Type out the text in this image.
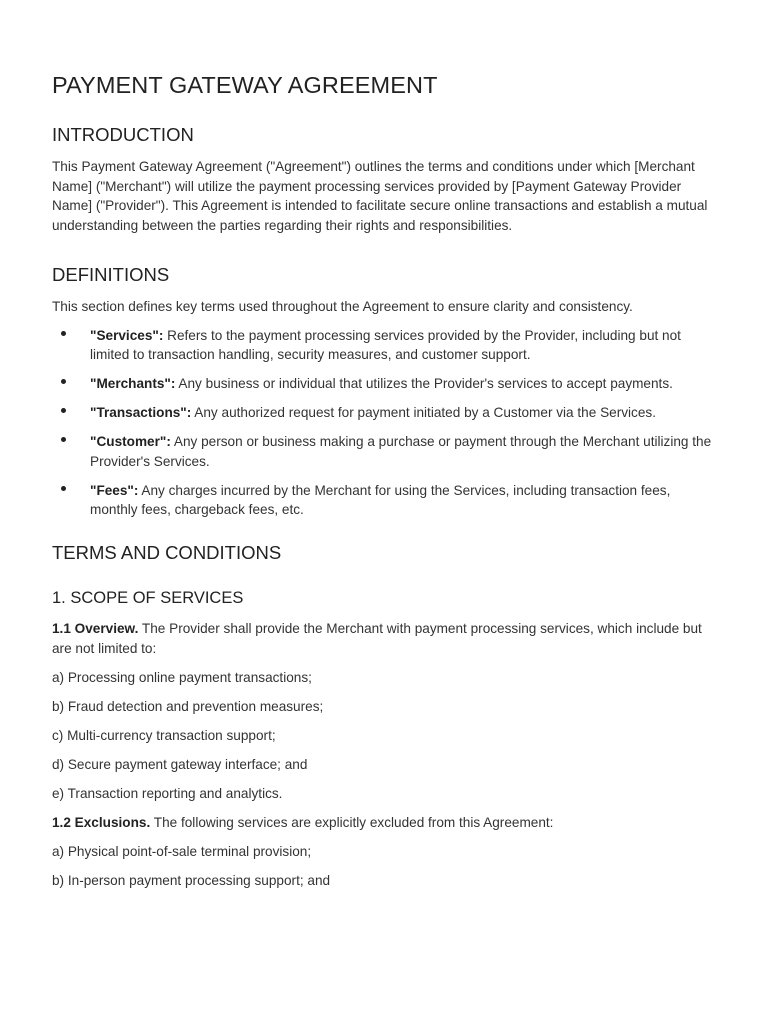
PAYMENT GATEWAY AGREEMENT
INTRODUCTION

This Payment Gateway Agreement ("Agreement") outlines the terms and conditions under which [Merchant Name] ("Merchant") will utilize the payment processing services provided by [Payment Gateway Provider Name] ("Provider"). This Agreement is intended to facilitate secure online transactions and establish a mutual understanding between the parties regarding their rights and responsibilities.

DEFINITIONS

This section defines key terms used throughout the Agreement to ensure clarity and consistency.

"Services": Refers to the payment processing services provided by the Provider, including but not limited to transaction handling, security measures, and customer support.
"Merchants": Any business or individual that utilizes the Provider's services to accept payments.
"Transactions": Any authorized request for payment initiated by a Customer via the Services.
"Customer": Any person or business making a purchase or payment through the Merchant utilizing the Provider's Services.
"Fees": Any charges incurred by the Merchant for using the Services, including transaction fees, monthly fees, chargeback fees, etc.
TERMS AND CONDITIONS
1. SCOPE OF SERVICES

1.1 Overview. The Provider shall provide the Merchant with payment processing services, which include but are not limited to:

a) Processing online payment transactions;

b) Fraud detection and prevention measures;

c) Multi-currency transaction support;

d) Secure payment gateway interface; and

e) Transaction reporting and analytics.

1.2 Exclusions. The following services are explicitly excluded from this Agreement:

a) Physical point-of-sale terminal provision;

b) In-person payment processing support; and
